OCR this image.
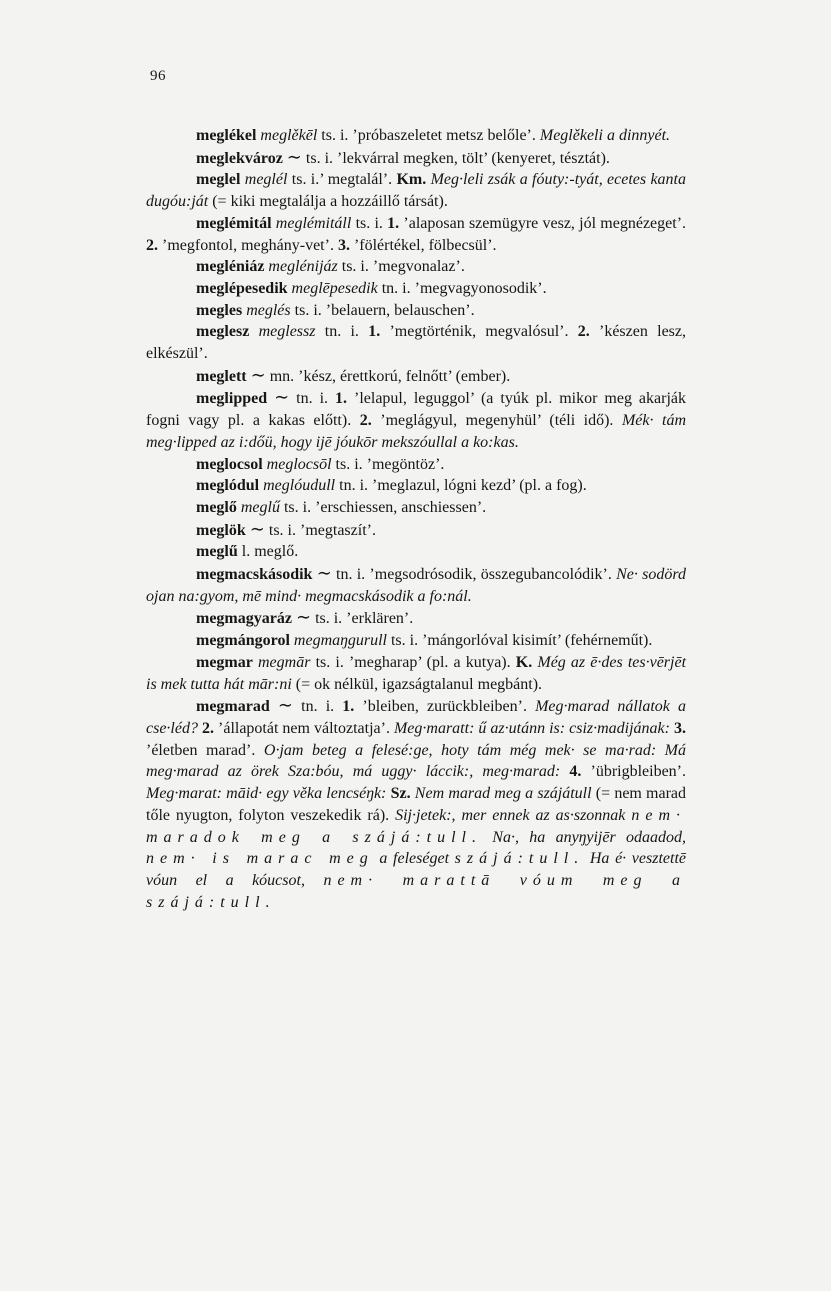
96
meglékel meglěkēl ts. i. ’próbaszeletet metsz belőle’. Meglěkeli a dinnyét.
meglekvároz ∼ ts. i. ’lekvárral megken, tölt’ (kenyeret, tésztát).
meglel meglél ts. i.’ megtalál’. Km. Meg·leli zsák a fóuty:-tyát, ecetes kanta dugóu:ját (= kiki megtalálja a hozzáillő társát).
meglémitál meglémitáll ts. i. 1. ’alaposan szemügyre vesz, jól megnézeget’. 2. ’megfontol, meghány-vet’. 3. ’fölértékel, fölbecsül’.
megléniáz meglénijáz ts. i. ’megvonalaz’.
meglépesedik meglēpesedik tn. i. ’megvagyonosodik’.
megles meglés ts. i. ’belauern, belauschen’.
meglesz meglessz tn. i. 1. ’megtörténik, megvalósul’. 2. ’készen lesz, elkészül’.
meglett ∼ mn. ’kész, érettkorú, felnőtt’ (ember).
meglipped ∼ tn. i. 1. ’lelapul, leguggol’ (a tyúk pl. mikor meg akarják fogni vagy pl. a kakas előtt). 2. ’meglágyul, megenyhül’ (téli idő). Mék· tám meg·lipped az i:dőü, hogy ijē jóukōr mekszóullal a ko:kas.
meglocsol meglocsōl ts. i. ’megöntöz’.
meglódul meglóudull tn. i. ’meglazul, lógni kezd’ (pl. a fog).
meglő meglű ts. i. ’erschiessen, anschiessen’.
meglök ∼ ts. i. ’megtaszít’.
meglű l. meglő.
megmacskásodik ∼ tn. i. ’megsodrósodik, összegubancolódik’. Ne· sodörd ojan na:gyom, mē mind· megmacskásodik a fo:nál.
megmagyaráz ∼ ts. i. ’erklären’.
megmángorol megmaŋgurull ts. i. ’mángorlóval kisimít’ (fehérneműt).
megmar megmār ts. i. ’megharap’ (pl. a kutya). K. Még az ē·des tes·vērjēt is mek tutta hát mār:ni (= ok nélkül, igazságtalanul megbánt).
megmarad ∼ tn. i. 1. ’bleiben, zurückbleiben’. Meg·marad nállatok a cse·léd? 2. ’állapotát nem változtatja’. Meg·maratt: ű az·utánn is: csiz·madijának: 3. ’életben marad’. O·jam beteg a felesé:ge, hoty tám még mek· se ma·rad: Má meg·marad az örek Sza:bóu, má uggy· láccik:, meg·marad: 4. ’übrigbleiben’. Meg·marat: māid· egy věka lencséŋk: Sz. Nem marad meg a szájátull (= nem marad tőle nyugton, folyton veszekedik rá). Sij·jetek:, mer ennek az as·szonnak nem· maradok meg a szájá:tull. Na·, ha anyŋyijēr odaadod, nem· is marac meg a feleséget szájá:tull. Ha é· vesztettē vóun el a kóucsot, nem· marattā vóum meg a szájá:tull.
